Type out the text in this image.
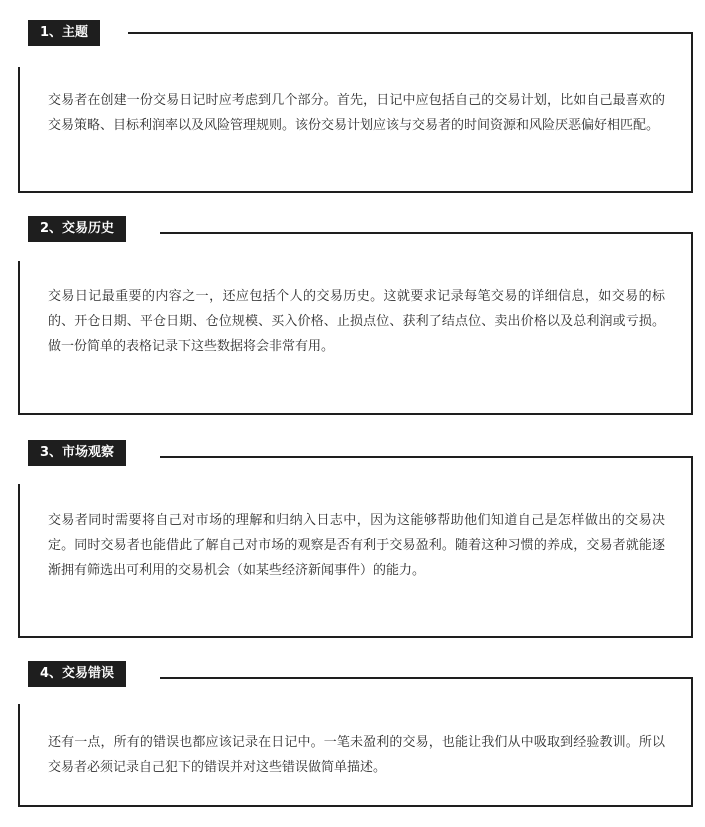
1、主题

交易者在创建一份交易日记时应考虑到几个部分。首先，日记中应包括自己的交易计划，比如自己最喜欢的交易策略、目标利润率以及风险管理规则。该份交易计划应该与交易者的时间资源和风险厌恶偏好相匹配。

2、交易历史

交易日记最重要的内容之一，还应包括个人的交易历史。这就要求记录每笔交易的详细信息，如交易的标的、开仓日期、平仓日期、仓位规模、买入价格、止损点位、获利了结点位、卖出价格以及总利润或亏损。做一份简单的表格记录下这些数据将会非常有用。

3、市场观察

交易者同时需要将自己对市场的理解和归纳入日志中，因为这能够帮助他们知道自己是怎样做出的交易决定。同时交易者也能借此了解自己对市场的观察是否有利于交易盈利。随着这种习惯的养成，交易者就能逐渐拥有筛选出可利用的交易机会（如某些经济新闻事件）的能力。

4、交易错误

还有一点，所有的错误也都应该记录在日记中。一笔未盈利的交易，也能让我们从中吸取到经验教训。所以交易者必须记录自己犯下的错误并对这些错误做简单描述。
